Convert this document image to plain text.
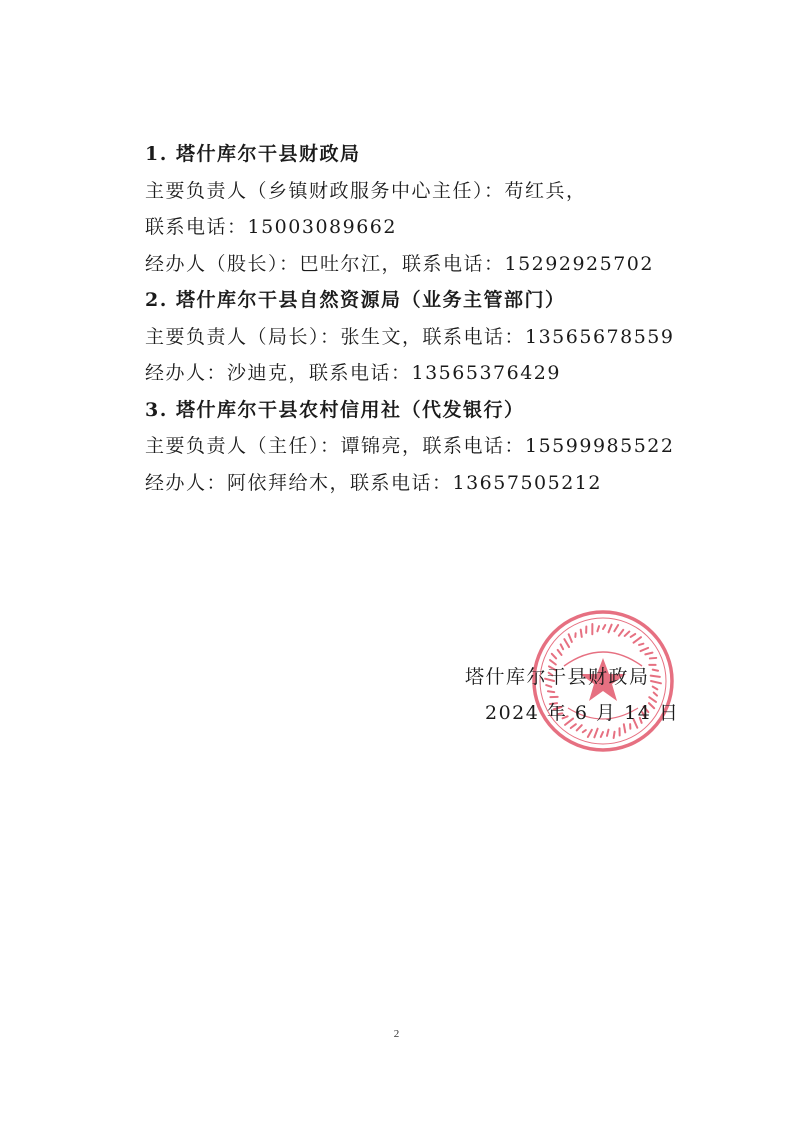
1. 塔什库尔干县财政局
主要负责人（乡镇财政服务中心主任）：苟红兵，
联系电话：15003089662
经办人（股长）：巴吐尔江，联系电话：15292925702
2. 塔什库尔干县自然资源局（业务主管部门）
主要负责人（局长）：张生文，联系电话：13565678559
经办人：沙迪克，联系电话：13565376429
3. 塔什库尔干县农村信用社（代发银行）
主要负责人（主任）：谭锦亮，联系电话：15599985522
经办人：阿依拜给木，联系电话：13657505212
塔什库尔干县财政局
2024 年 6 月 14 日
2
